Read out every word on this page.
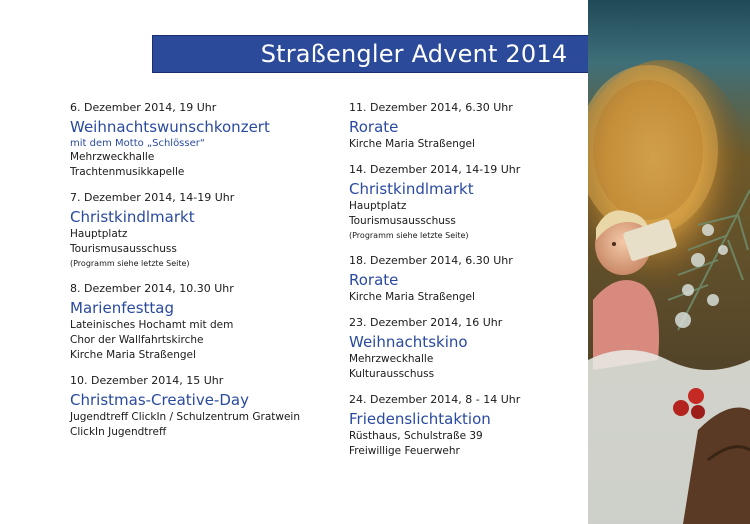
Straßengler Advent 2014
6. Dezember 2014, 19 Uhr
Weihnachtswunschkonzert
mit dem Motto „Schlösser“
Mehrzweckhalle
Trachtenmusikkapelle
7. Dezember 2014, 14-19 Uhr
Christkindlmarkt
Hauptplatz
Tourismusausschuss
(Programm siehe letzte Seite)
8. Dezember 2014, 10.30 Uhr
Marienfesttag
Lateinisches Hochamt mit dem
Chor der Wallfahrtskirche
Kirche Maria Straßengel
10. Dezember 2014, 15 Uhr
Christmas-Creative-Day
Jugendtreff ClickIn / Schulzentrum Gratwein
ClickIn Jugendtreff
11. Dezember 2014, 6.30 Uhr
Rorate
Kirche Maria Straßengel
14. Dezember 2014, 14-19 Uhr
Christkindlmarkt
Hauptplatz
Tourismusausschuss
(Programm siehe letzte Seite)
18. Dezember 2014, 6.30 Uhr
Rorate
Kirche Maria Straßengel
23. Dezember 2014, 16 Uhr
Weihnachtskino
Mehrzweckhalle
Kulturausschuss
24. Dezember 2014, 8 - 14 Uhr
Friedenslichtaktion
Rüsthaus, Schulstraße 39
Freiwillige Feuerwehr
